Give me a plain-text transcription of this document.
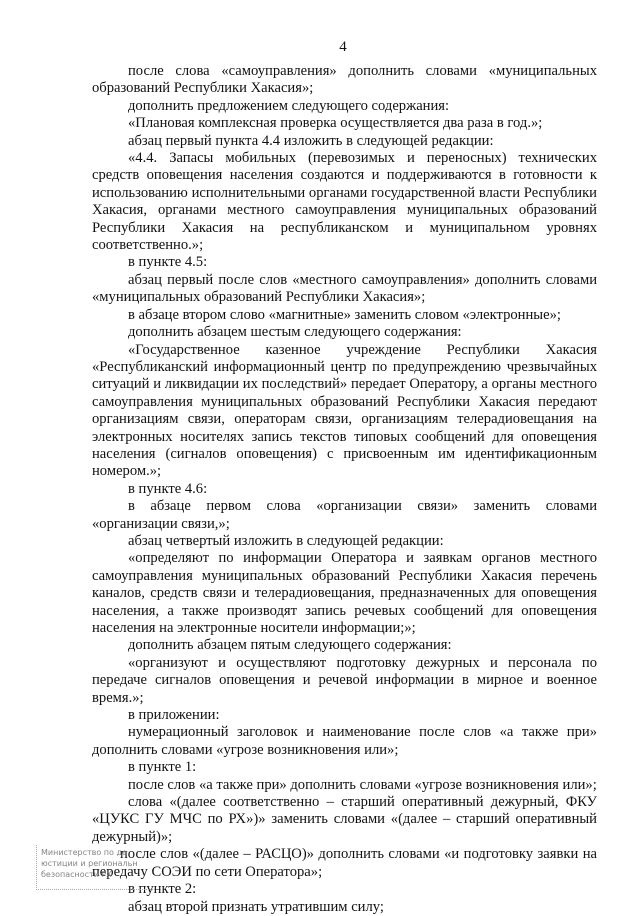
4

после слова «самоуправления» дополнить словами «муниципальных образований Республики Хакасия»;

дополнить предложением следующего содержания:

«Плановая комплексная проверка осуществляется два раза в год.»;

абзац первый пункта 4.4 изложить в следующей редакции:

«4.4. Запасы мобильных (перевозимых и переносных) технических средств оповещения населения создаются и поддерживаются в готовности к использованию исполнительными органами государственной власти Республики Хакасия, органами местного самоуправления муниципальных образований Республики Хакасия на республиканском и муниципальном уровнях соответственно.»;

в пункте 4.5:

абзац первый после слов «местного самоуправления» дополнить словами «муниципальных образований Республики Хакасия»;

в абзаце втором слово «магнитные» заменить словом «электронные»;

дополнить абзацем шестым следующего содержания:

«Государственное казенное учреждение Республики Хакасия «Республиканский информационный центр по предупреждению чрезвычайных ситуаций и ликвидации их последствий» передает Оператору, а органы местного самоуправления муниципальных образований Республики Хакасия передают организациям связи, операторам связи, организациям телерадиовещания на электронных носителях запись текстов типовых сообщений для оповещения населения (сигналов оповещения) с присвоенным им идентификационным номером.»;

в пункте 4.6:

в абзаце первом слова «организации связи» заменить словами «организации связи,»;

абзац четвертый изложить в следующей редакции:

«определяют по информации Оператора и заявкам органов местного самоуправления муниципальных образований Республики Хакасия перечень каналов, средств связи и телерадиовещания, предназначенных для оповещения населения, а также производят запись речевых сообщений для оповещения населения на электронные носители информации;»;

дополнить абзацем пятым следующего содержания:

«организуют и осуществляют подготовку дежурных и персонала по передаче сигналов оповещения и речевой информации в мирное и военное время.»;

в приложении:

нумерационный заголовок и наименование после слов «а также при» дополнить словами «угрозе возникновения или»;

в пункте 1:

после слов «а также при» дополнить словами «угрозе возникновения или»;

слова «(далее соответственно – старший оперативный дежурный, ФКУ «ЦУКС ГУ МЧС по РХ»)» заменить словами «(далее – старший оперативный дежурный)»;

после слов «(далее – РАСЦО)» дополнить словами «и подготовку заявки на передачу СОЭИ по сети Оператора»;

в пункте 2:

абзац второй признать утратившим силу;

Министерство по де
юстиции и региональн
безопасности РХ
